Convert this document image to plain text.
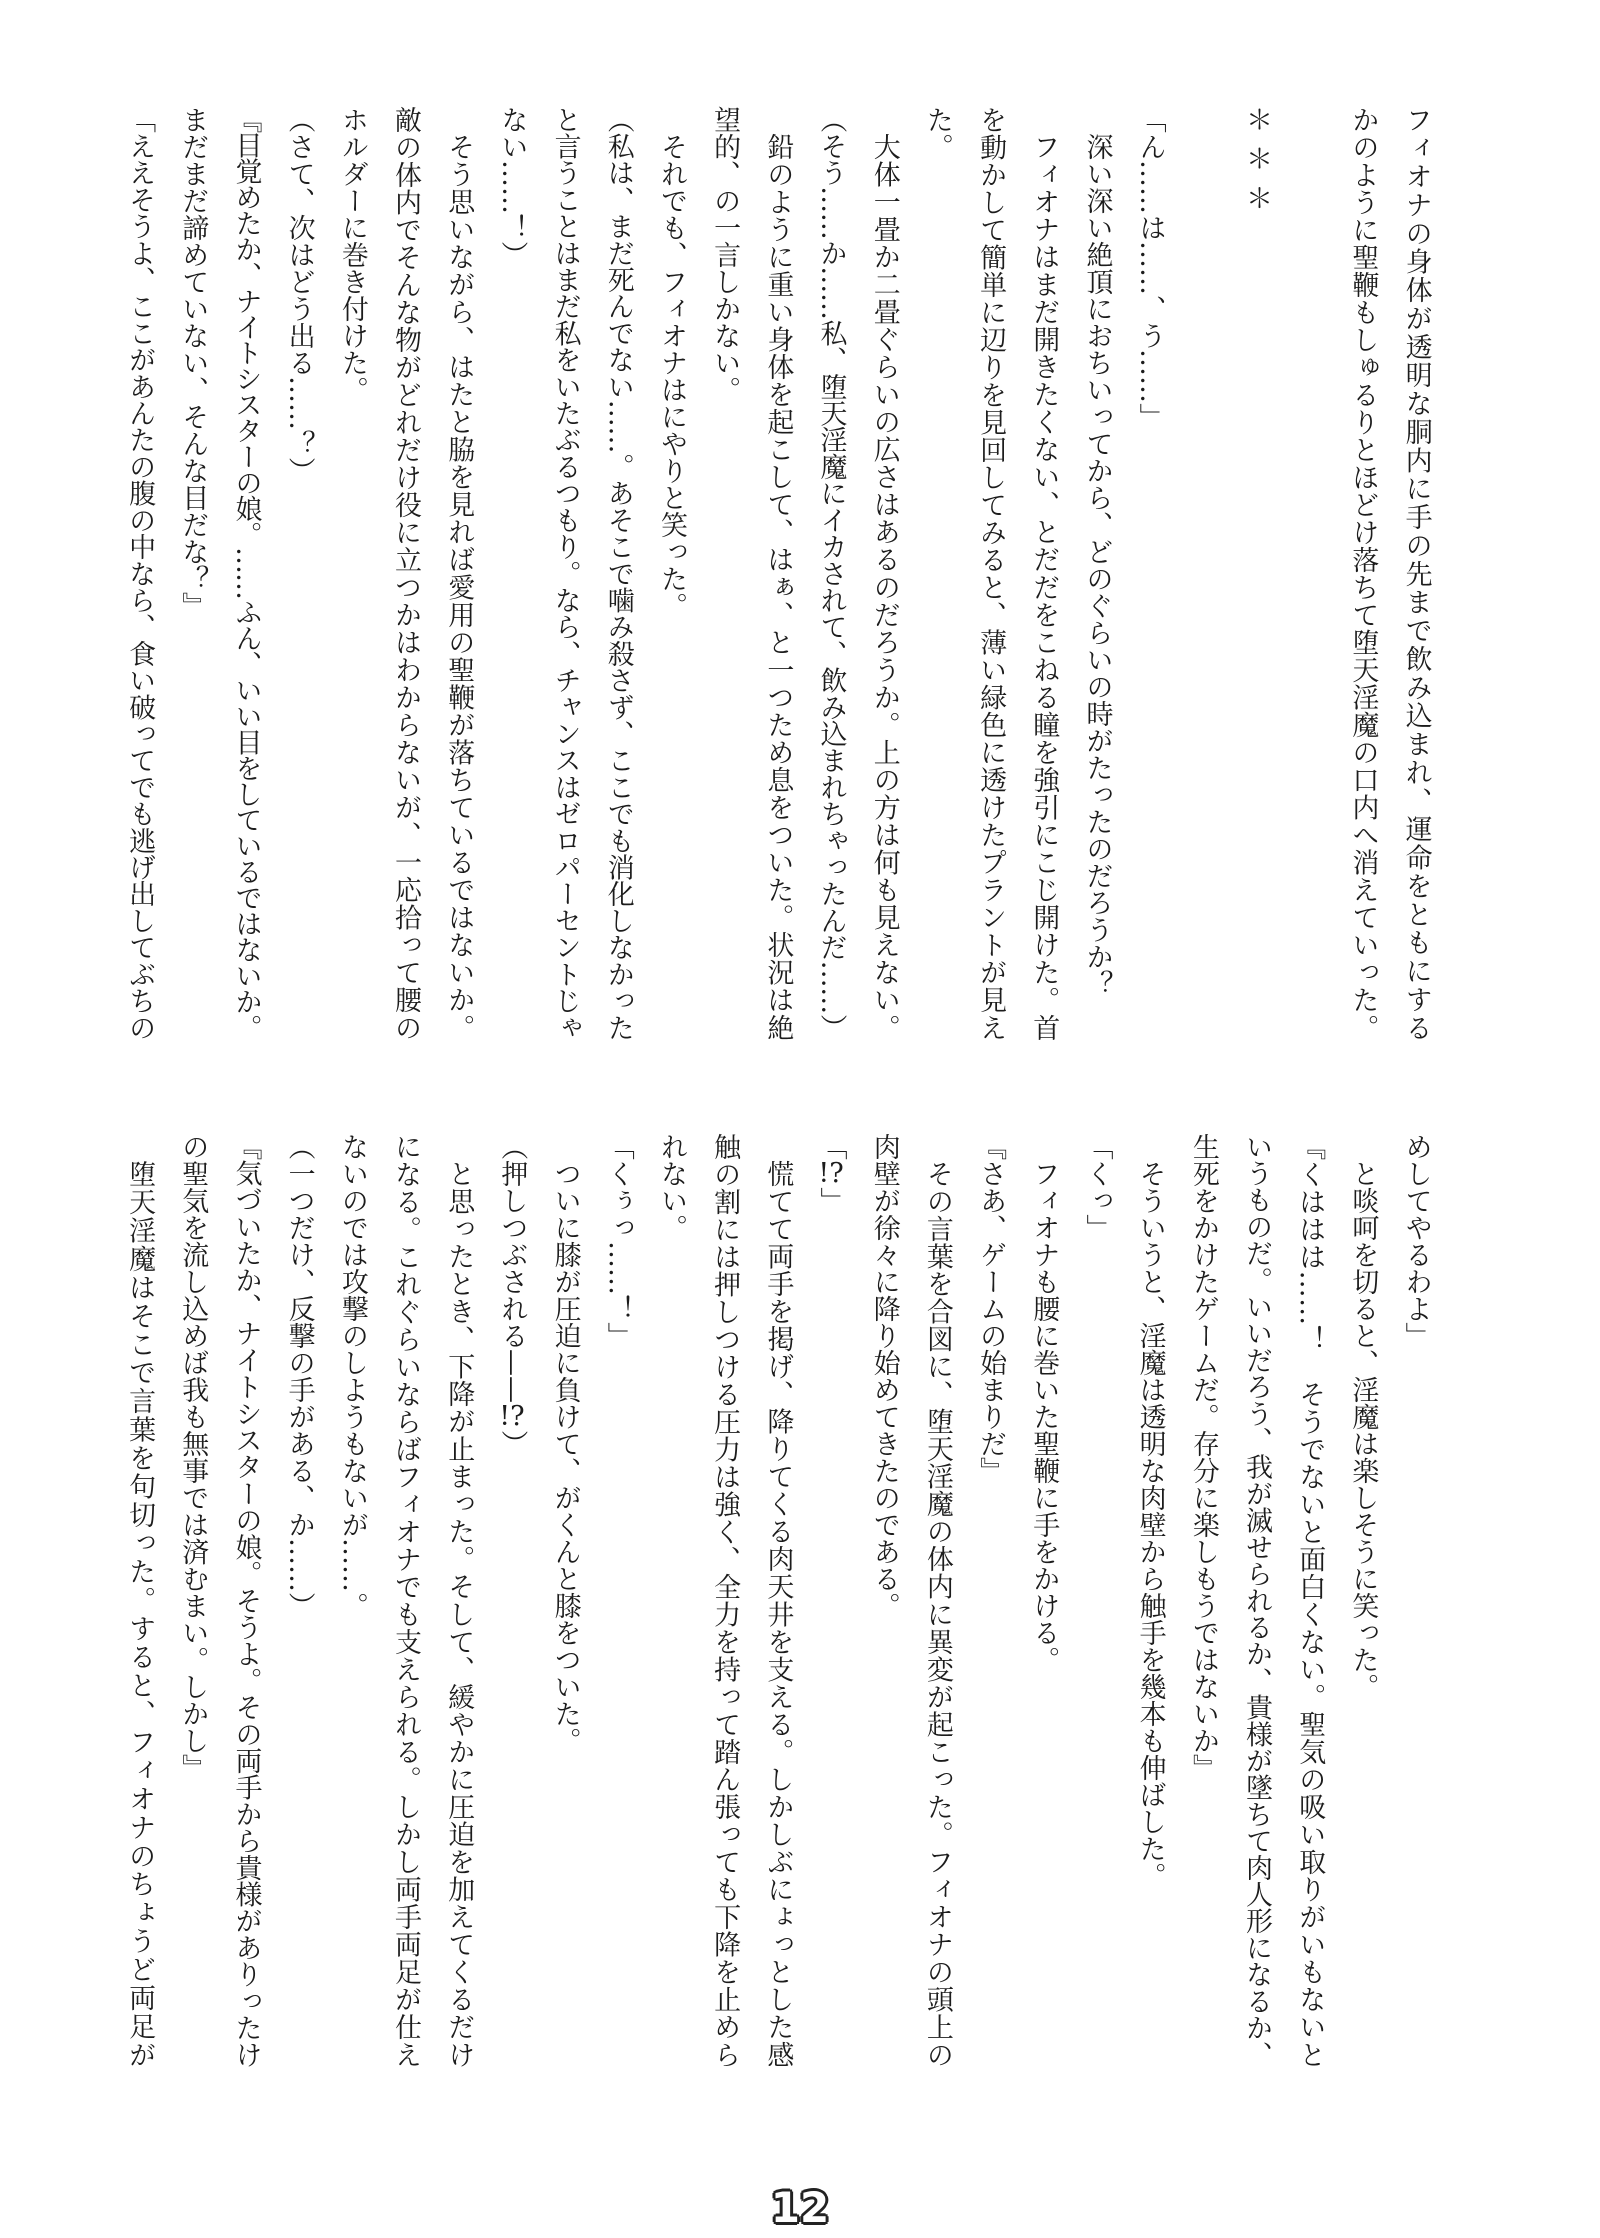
フィオナの身体が透明な胴内に手の先まで飲み込まれ、運命をともにする
かのように聖鞭もしゅるりとほどけ落ちて堕天淫魔の口内へ消えていった。
＊＊＊
「ん……は……、う……」
深い深い絶頂におちいってから、どのぐらいの時がたったのだろうか？
フィオナはまだ開きたくない、とだだをこねる瞳を強引にこじ開けた。首
を動かして簡単に辺りを見回してみると、薄い緑色に透けたプラントが見え
た。
大体一畳か二畳ぐらいの広さはあるのだろうか。上の方は何も見えない。
（そう……か……私、堕天淫魔にイカされて、飲み込まれちゃったんだ……）
鉛のように重い身体を起こして、はぁ、と一つため息をついた。状況は絶
望的、の一言しかない。
それでも、フィオナはにやりと笑った。
（私は、まだ死んでない……。あそこで噛み殺さず、ここでも消化しなかった
と言うことはまだ私をいたぶるつもり。なら、チャンスはゼロパーセントじゃ
ない……！）
そう思いながら、はたと脇を見れば愛用の聖鞭が落ちているではないか。
敵の体内でそんな物がどれだけ役に立つかはわからないが、一応拾って腰の
ホルダーに巻き付けた。
（さて、次はどう出る……？）
『目覚めたか、ナイトシスターの娘。……ふん、いい目をしているではないか。
まだまだ諦めていない、そんな目だな？』
「ええそうよ、ここがあんたの腹の中なら、食い破ってでも逃げ出してぶちの
めしてやるわよ」
と啖呵を切ると、淫魔は楽しそうに笑った。
『くははは……！　そうでないと面白くない。聖気の吸い取りがいもないと
いうものだ。いいだろう、我が滅せられるか、貴様が墜ちて肉人形になるか、
生死をかけたゲームだ。存分に楽しもうではないか』
そういうと、淫魔は透明な肉壁から触手を幾本も伸ばした。
「くっ」
フィオナも腰に巻いた聖鞭に手をかける。
『さあ、ゲームの始まりだ』
その言葉を合図に、堕天淫魔の体内に異変が起こった。フィオナの頭上の
肉壁が徐々に降り始めてきたのである。
「!?」
慌てて両手を掲げ、降りてくる肉天井を支える。しかしぶにょっとした感
触の割には押しつける圧力は強く、全力を持って踏ん張っても下降を止めら
れない。
「くぅっ……！」
ついに膝が圧迫に負けて、がくんと膝をついた。
（押しつぶされる——!?）
と思ったとき、下降が止まった。そして、緩やかに圧迫を加えてくるだけ
になる。これぐらいならばフィオナでも支えられる。しかし両手両足が仕え
ないのでは攻撃のしようもないが……。
（一つだけ、反撃の手がある、か……）
『気づいたか、ナイトシスターの娘。そうよ。その両手から貴様がありったけ
の聖気を流し込めば我も無事では済むまい。しかし』
堕天淫魔はそこで言葉を句切った。すると、フィオナのちょうど両足が
12
